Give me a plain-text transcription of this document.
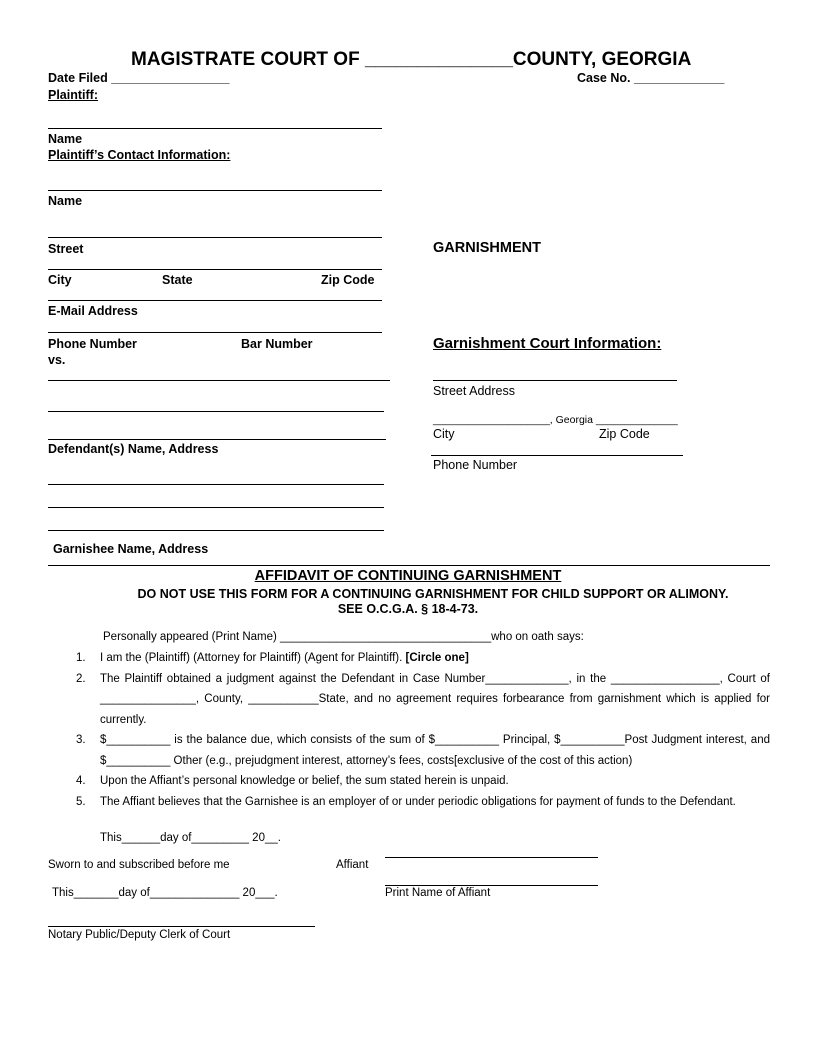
MAGISTRATE COURT OF ______________COUNTY, GEORGIA
Date Filed _________________	Case No. _____________
Plaintiff:
Name
Plaintiff’s Contact Information:
Name
Street
City	State	Zip Code
E-Mail Address
Phone Number	Bar Number
vs.
Defendant(s) Name, Address
Garnishee Name, Address
GARNISHMENT
Garnishment Court Information:
Street Address
____________________, Georgia ______________
City	Zip Code
Phone Number
AFFIDAVIT OF CONTINUING GARNISHMENT
DO NOT USE THIS FORM FOR A CONTINUING GARNISHMENT FOR CHILD SUPPORT OR ALIMONY.
SEE O.C.G.A. § 18-4-73.
Personally appeared (Print Name) _________________________________who on oath says:
1. I am the (Plaintiff) (Attorney for Plaintiff) (Agent for Plaintiff). [Circle one]
2. The Plaintiff obtained a judgment against the Defendant in Case Number_____________, in the _________________, Court of _______________, County, ___________State, and no agreement requires forbearance from garnishment which is applied for currently.
3. $__________ is the balance due, which consists of the sum of $__________ Principal, $__________Post Judgment interest, and $__________ Other (e.g., prejudgment interest, attorney’s fees, costs[exclusive of the cost of this action)
4. Upon the Affiant’s personal knowledge or belief, the sum stated herein is unpaid.
5. The Affiant believes that the Garnishee is an employer of or under periodic obligations for payment of funds to the Defendant.
This______day of_________ 20__.
Sworn to and subscribed before me	Affiant
This_______day of______________ 20___.	Print Name of Affiant
Notary Public/Deputy Clerk of Court
